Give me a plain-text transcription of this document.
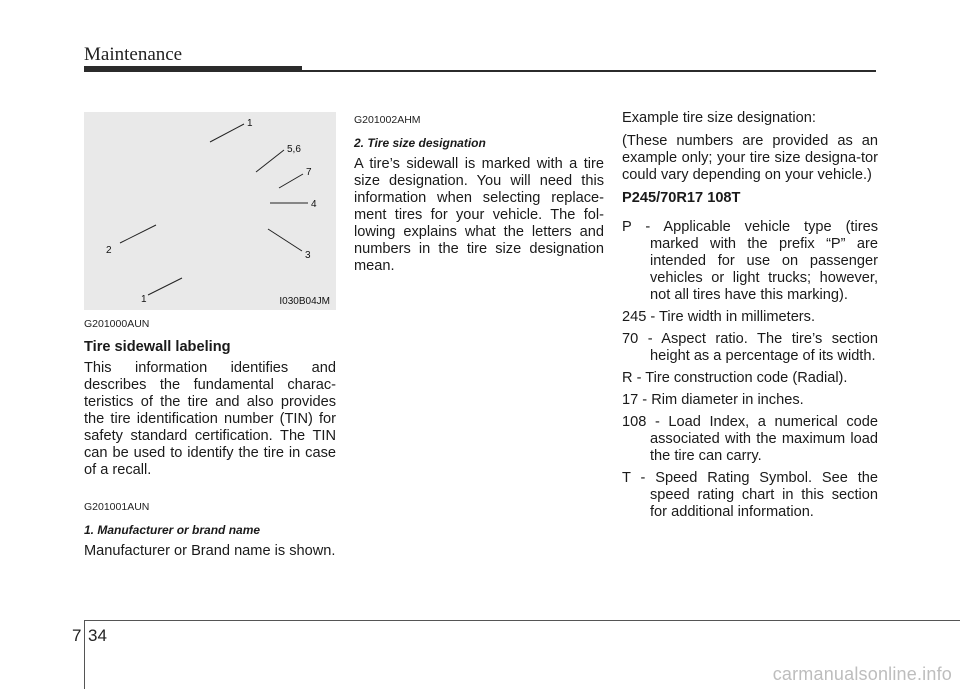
Maintenance
1
5,6
7
4
3
2
1	I030B04JM

G201000AUN

Tire sidewall labeling

This information identifies and describes the fundamental charac-teristics of the tire and also provides the tire identification number (TIN) for safety standard certification. The TIN can be used to identify the tire in case of a recall.

G201001AUN

1. Manufacturer or brand name

Manufacturer or Brand name is shown.

G201002AHM

2. Tire size designation

A tire’s sidewall is marked with a tire size designation. You will need this information when selecting replace-ment tires for your vehicle. The fol-lowing explains what the letters and numbers in the tire size designation mean.

Example tire size designation:

(These numbers are provided as an example only; your tire size designa-tor could vary depending on your vehicle.)

P245/70R17 108T

P - Applicable vehicle type (tires marked with the prefix “P” are intended for use on passenger vehicles or light trucks; however, not all tires have this marking).

245 - Tire width in millimeters.

70 - Aspect ratio. The tire’s section height as a percentage of its width.

R - Tire construction code (Radial).

17 - Rim diameter in inches.

108 - Load Index, a numerical code associated with the maximum load the tire can carry.

T - Speed Rating Symbol. See the speed rating chart in this section for additional information.

7 34
carmanualsonline.info
